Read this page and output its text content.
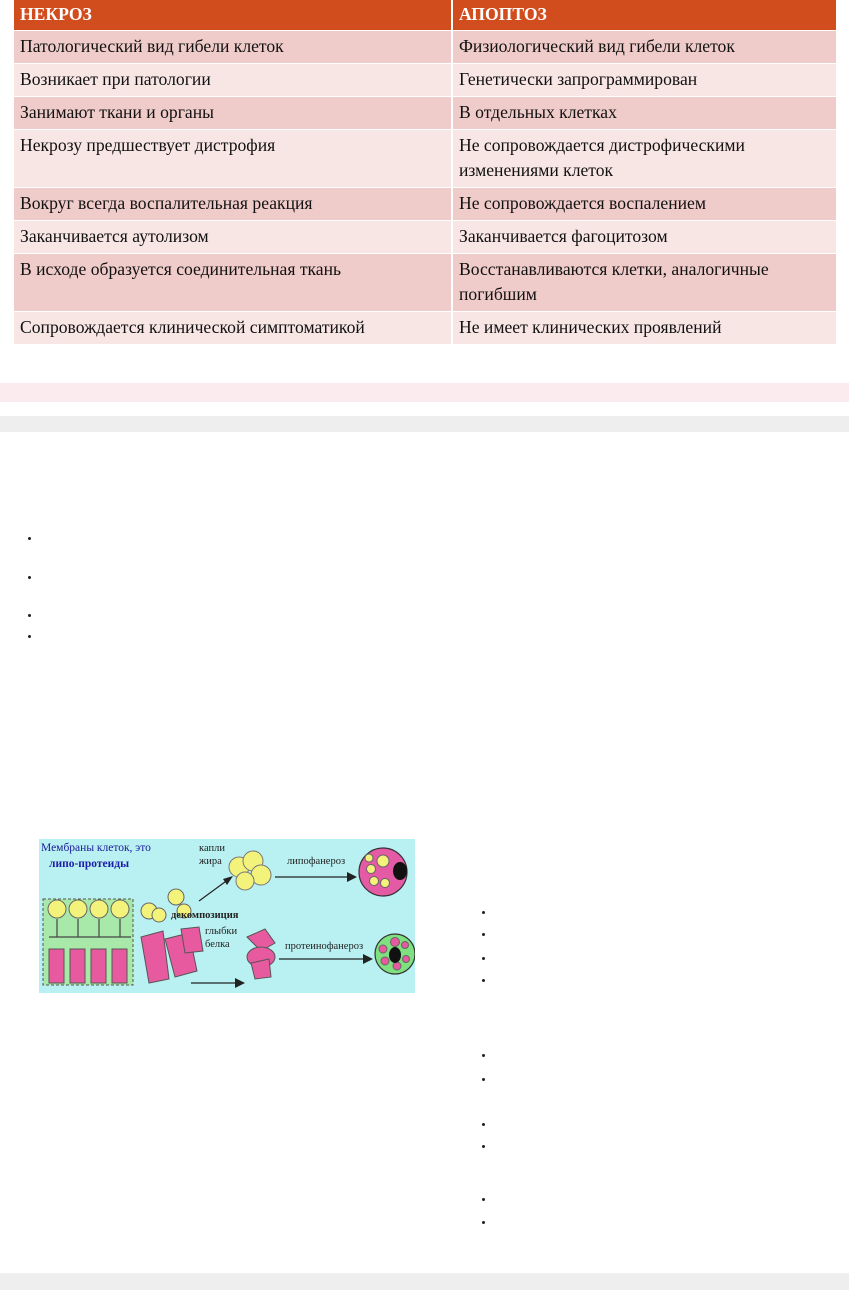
НЕКРОЗ	АПОПТОЗ
Патологический вид гибели клеток	Физиологический вид гибели клеток
Возникает при патологии	Генетически запрограммирован
Занимают ткани и органы	В отдельных клетках
Некрозу предшествует дистрофия	Не сопровождается дистрофическими изменениями клеток
Вокруг всегда воспалительная реакция	Не сопровождается воспалением
Заканчивается аутолизом	Заканчивается фагоцитозом
В исходе образуется соединительная ткань	Восстанавливаются клетки, аналогичные погибшим
Сопровождается клинической симптоматикой	Не имеет клинических проявлений
Мембраны клеток, это
липо-протеиды
капли
жира	липофанероз
декомпозиция
глыбки
белка	протеинофанероз
